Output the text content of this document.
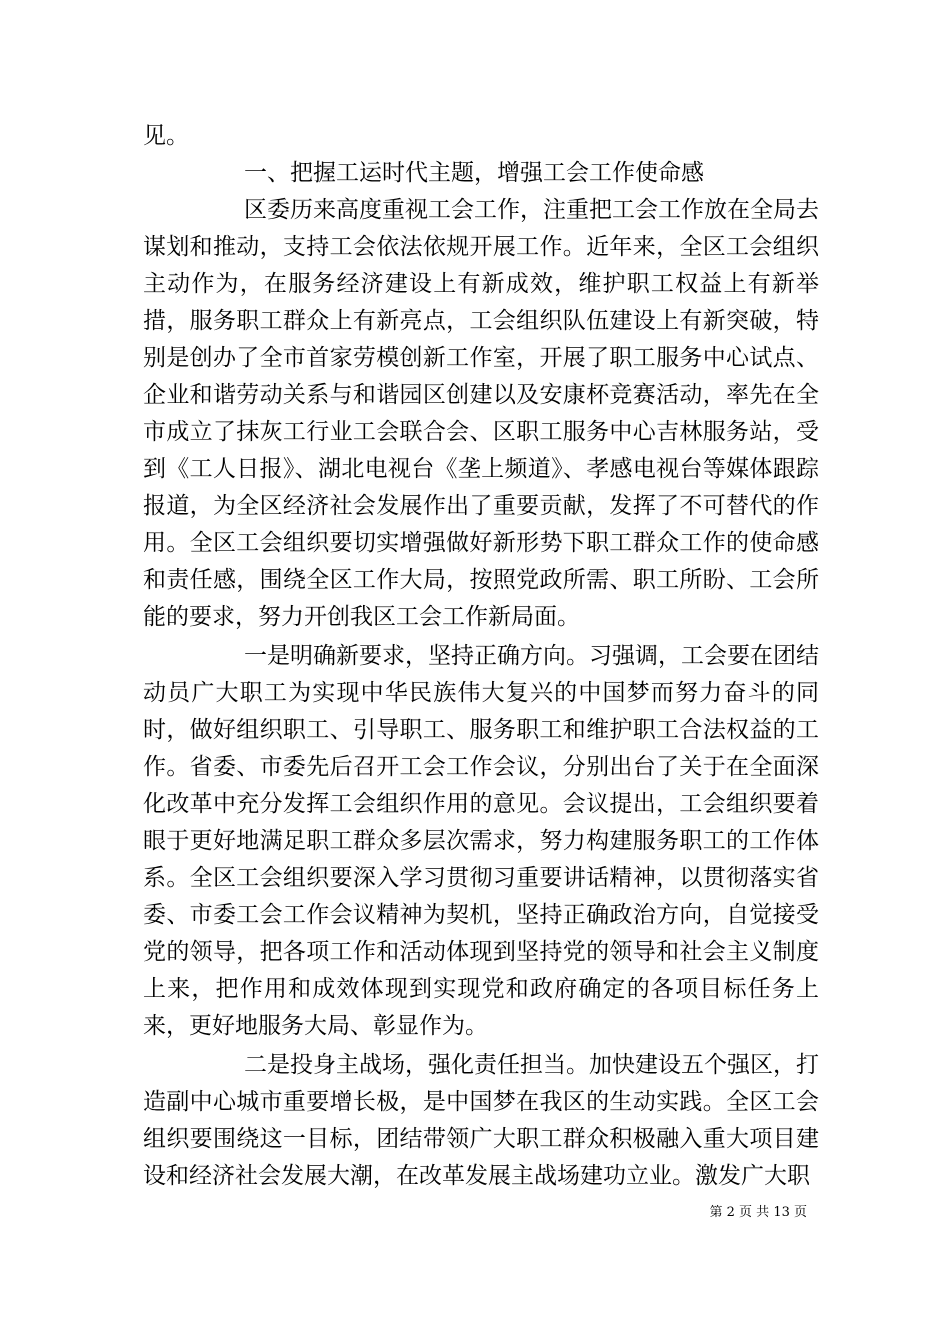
见。

一、把握工运时代主题，增强工会工作使命感

区委历来高度重视工会工作，注重把工会工作放在全局去谋划和推动，支持工会依法依规开展工作。近年来，全区工会组织主动作为，在服务经济建设上有新成效，维护职工权益上有新举措，服务职工群众上有新亮点，工会组织队伍建设上有新突破，特别是创办了全市首家劳模创新工作室，开展了职工服务中心试点、企业和谐劳动关系与和谐园区创建以及安康杯竞赛活动，率先在全市成立了抹灰工行业工会联合会、区职工服务中心吉林服务站，受到《工人日报》、湖北电视台《垄上频道》、孝感电视台等媒体跟踪报道，为全区经济社会发展作出了重要贡献，发挥了不可替代的作用。全区工会组织要切实增强做好新形势下职工群众工作的使命感和责任感，围绕全区工作大局，按照党政所需、职工所盼、工会所能的要求，努力开创我区工会工作新局面。

一是明确新要求，坚持正确方向。习强调，工会要在团结动员广大职工为实现中华民族伟大复兴的中国梦而努力奋斗的同时，做好组织职工、引导职工、服务职工和维护职工合法权益的工作。省委、市委先后召开工会工作会议，分别出台了关于在全面深化改革中充分发挥工会组织作用的意见。会议提出，工会组织要着眼于更好地满足职工群众多层次需求，努力构建服务职工的工作体系。全区工会组织要深入学习贯彻习重要讲话精神，以贯彻落实省委、市委工会工作会议精神为契机，坚持正确政治方向，自觉接受党的领导，把各项工作和活动体现到坚持党的领导和社会主义制度上来，把作用和成效体现到实现党和政府确定的各项目标任务上来，更好地服务大局、彰显作为。

二是投身主战场，强化责任担当。加快建设五个强区，打造副中心城市重要增长极，是中国梦在我区的生动实践。全区工会组织要围绕这一目标，团结带领广大职工群众积极融入重大项目建设和经济社会发展大潮，在改革发展主战场建功立业。激发广大职

第 2 页 共 13 页
